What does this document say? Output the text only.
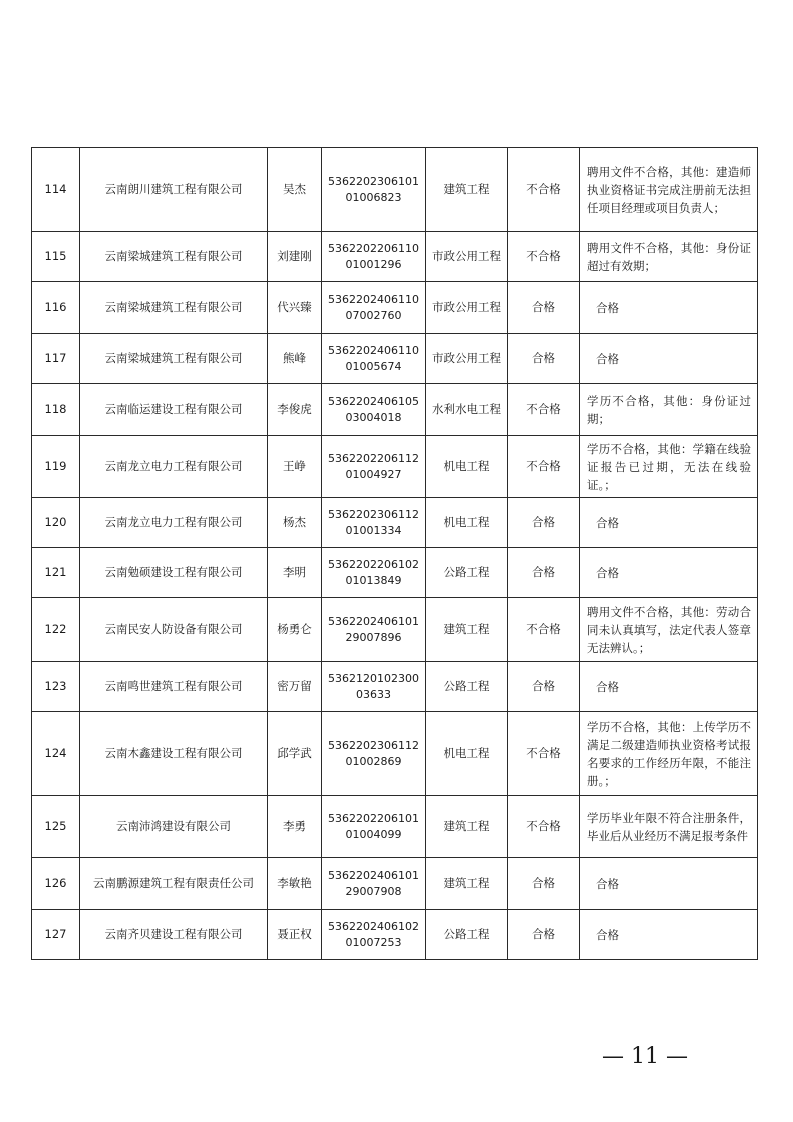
114	云南朗川建筑工程有限公司	吴杰	536220230610101006823	建筑工程	不合格	聘用文件不合格，其他：建造师执业资格证书完成注册前无法担任项目经理或项目负责人；
115	云南梁城建筑工程有限公司	刘建刚	536220220611001001296	市政公用工程	不合格	聘用文件不合格，其他：身份证超过有效期；
116	云南梁城建筑工程有限公司	代兴臻	536220240611007002760	市政公用工程	合格	合格
117	云南梁城建筑工程有限公司	熊峰	536220240611001005674	市政公用工程	合格	合格
118	云南临运建设工程有限公司	李俊虎	536220240610503004018	水利水电工程	不合格	学历不合格，其他：身份证过期；
119	云南龙立电力工程有限公司	王峥	536220220611201004927	机电工程	不合格	学历不合格，其他：学籍在线验证报告已过期，无法在线验证。；
120	云南龙立电力工程有限公司	杨杰	536220230611201001334	机电工程	合格	合格
121	云南勉硕建设工程有限公司	李明	536220220610201013849	公路工程	合格	合格
122	云南民安人防设备有限公司	杨勇仑	536220240610129007896	建筑工程	不合格	聘用文件不合格，其他：劳动合同未认真填写，法定代表人签章无法辨认。；
123	云南鸣世建筑工程有限公司	密万留	536212010230003633	公路工程	合格	合格
124	云南木鑫建设工程有限公司	邱学武	536220230611201002869	机电工程	不合格	学历不合格，其他：上传学历不满足二级建造师执业资格考试报名要求的工作经历年限，不能注册。；
125	云南沛鸿建设有限公司	李勇	536220220610101004099	建筑工程	不合格	学历毕业年限不符合注册条件，毕业后从业经历不满足报考条件
126	云南鹏源建筑工程有限责任公司	李敏艳	536220240610129007908	建筑工程	合格	合格
127	云南齐贝建设工程有限公司	聂正权	536220240610201007253	公路工程	合格	合格
— 11 —
